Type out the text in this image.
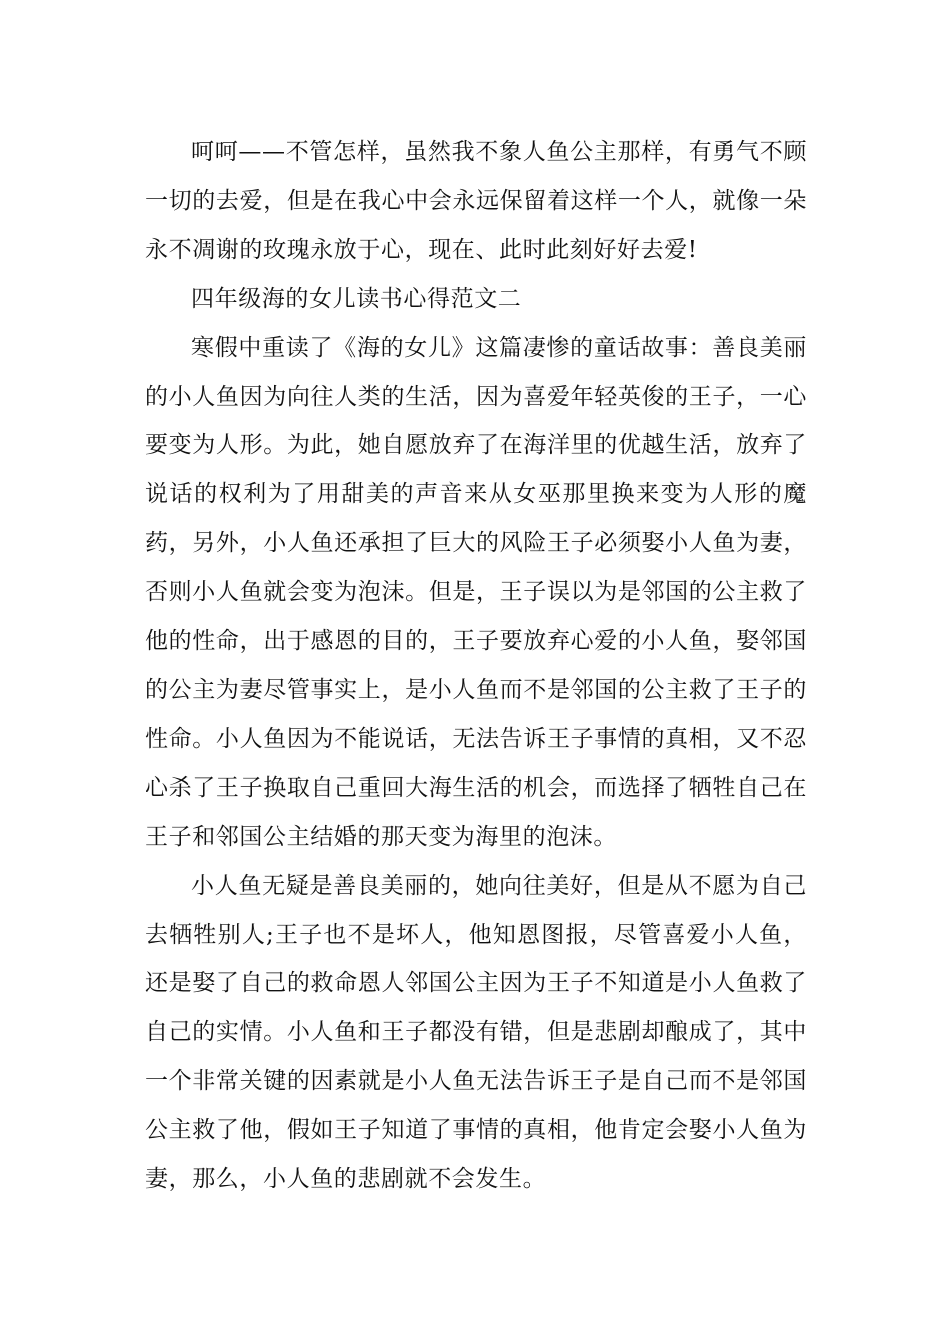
呵呵——不管怎样，虽然我不象人鱼公主那样，有勇气不顾一切的去爱，但是在我心中会永远保留着这样一个人，就像一朵永不凋谢的玫瑰永放于心，现在、此时此刻好好去爱!

四年级海的女儿读书心得范文二

寒假中重读了《海的女儿》这篇凄惨的童话故事：善良美丽的小人鱼因为向往人类的生活，因为喜爱年轻英俊的王子，一心要变为人形。为此，她自愿放弃了在海洋里的优越生活，放弃了说话的权利为了用甜美的声音来从女巫那里换来变为人形的魔药，另外，小人鱼还承担了巨大的风险王子必须娶小人鱼为妻，否则小人鱼就会变为泡沫。但是，王子误以为是邻国的公主救了他的性命，出于感恩的目的，王子要放弃心爱的小人鱼，娶邻国的公主为妻尽管事实上，是小人鱼而不是邻国的公主救了王子的性命。小人鱼因为不能说话，无法告诉王子事情的真相，又不忍心杀了王子换取自己重回大海生活的机会，而选择了牺牲自己在王子和邻国公主结婚的那天变为海里的泡沫。

小人鱼无疑是善良美丽的，她向往美好，但是从不愿为自己去牺牲别人;王子也不是坏人，他知恩图报，尽管喜爱小人鱼，还是娶了自己的救命恩人邻国公主因为王子不知道是小人鱼救了自己的实情。小人鱼和王子都没有错，但是悲剧却酿成了，其中一个非常关键的因素就是小人鱼无法告诉王子是自己而不是邻国公主救了他，假如王子知道了事情的真相，他肯定会娶小人鱼为妻，那么，小人鱼的悲剧就不会发生。
